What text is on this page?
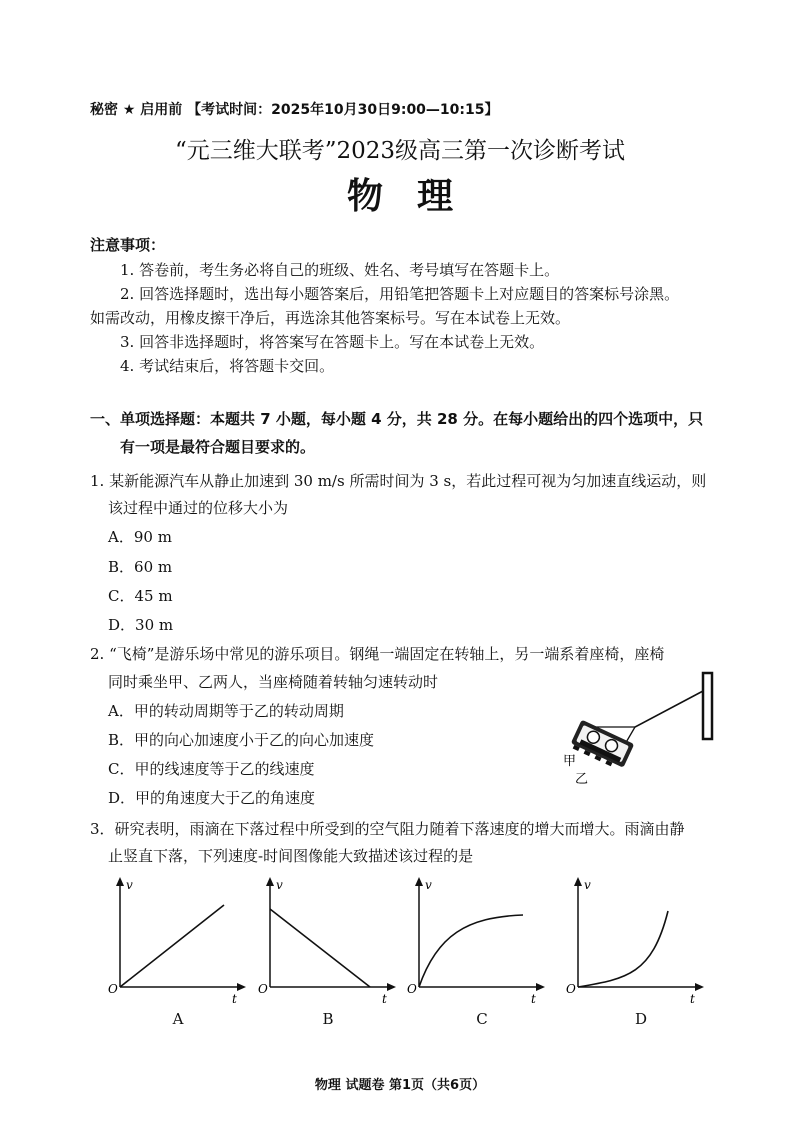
秘密 ★ 启用前 【考试时间：2025年10月30日9:00—10:15】
“元三维大联考”2023级高三第一次诊断考试
物理
注意事项：
1. 答卷前，考生务必将自己的班级、姓名、考号填写在答题卡上。
2. 回答选择题时，选出每小题答案后，用铅笔把答题卡上对应题目的答案标号涂黑。
如需改动，用橡皮擦干净后，再选涂其他答案标号。写在本试卷上无效。
3. 回答非选择题时，将答案写在答题卡上。写在本试卷上无效。
4. 考试结束后，将答题卡交回。
一、单项选择题：本题共 7 小题，每小题 4 分，共 28 分。在每小题给出的四个选项中，只
有一项是最符合题目要求的。
1. 某新能源汽车从静止加速到 30 m/s 所需时间为 3 s，若此过程可视为匀加速直线运动，则
该过程中通过的位移大小为
A．90 m
B．60 m
C．45 m
D．30 m
2. “飞椅”是游乐场中常见的游乐项目。钢绳一端固定在转轴上，另一端系着座椅，座椅
同时乘坐甲、乙两人，当座椅随着转轴匀速转动时
A．甲的转动周期等于乙的转动周期
B．甲的向心加速度小于乙的向心加速度
C．甲的线速度等于乙的线速度
D．甲的角速度大于乙的角速度
甲
乙
3．研究表明，雨滴在下落过程中所受到的空气阻力随着下落速度的增大而增大。雨滴由静
止竖直下落，下列速度-时间图像能大致描述该过程的是
v
t
O
A
v
t
O
B
v
t
O
C
v
t
O
D
物理 试题卷 第1页（共6页）
